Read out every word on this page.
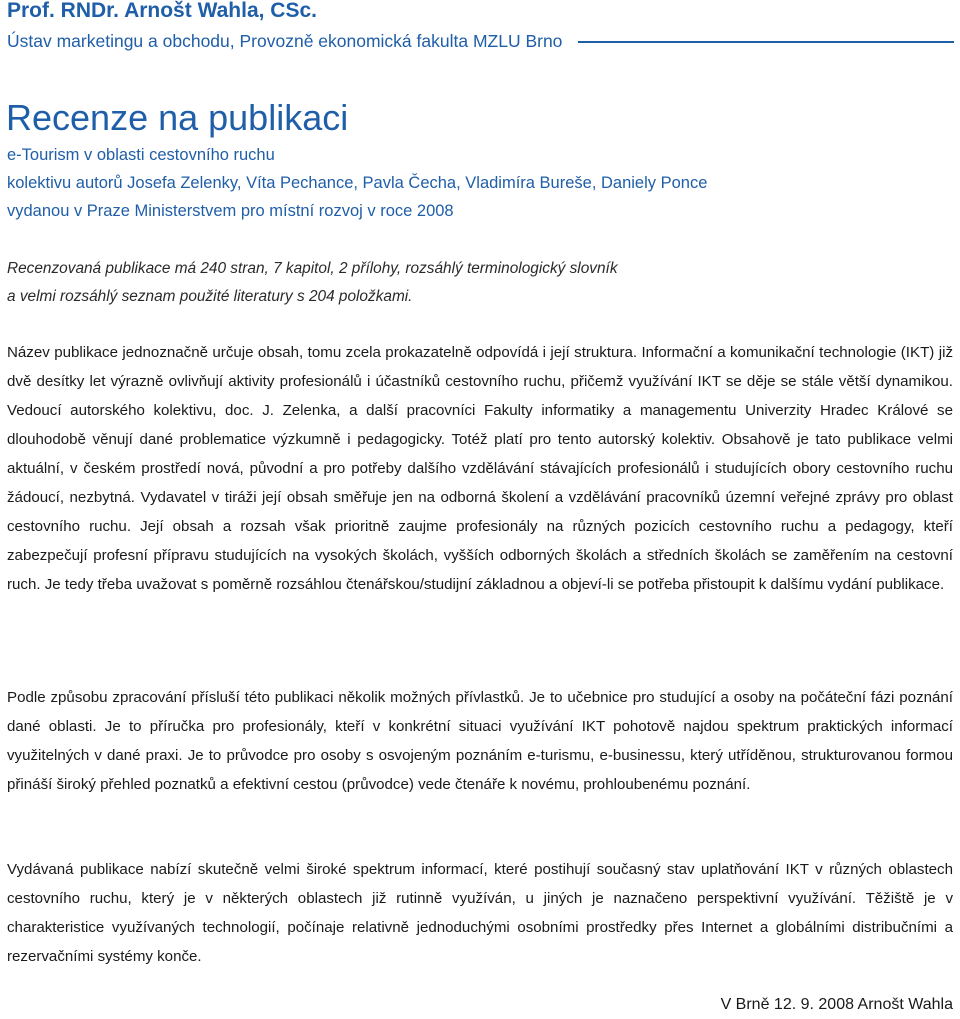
Prof. RNDr. Arnošt Wahla, CSc.
Ústav marketingu a obchodu, Provozně ekonomická fakulta MZLU Brno
Recenze na publikaci
e-Tourism v oblasti cestovního ruchu
kolektivu autorů Josefa Zelenky, Víta Pechance, Pavla Čecha, Vladimíra Bureše, Daniely Ponce
vydanou v Praze Ministerstvem pro místní rozvoj v roce 2008
Recenzovaná publikace má 240 stran, 7 kapitol, 2 přílohy, rozsáhlý terminologický slovník
a velmi rozsáhlý seznam použité literatury s 204 položkami.
Název publikace jednoznačně určuje obsah, tomu zcela prokazatelně odpovídá i její struktura. Informační a komunikační technologie (IKT) již dvě desítky let výrazně ovlivňují aktivity profesionálů i účastníků cestovního ruchu, přičemž využívání IKT se děje se stále větší dynamikou. Vedoucí autorského kolektivu, doc. J. Zelenka, a další pracovníci Fakulty informatiky a managementu Univerzity Hradec Králové se dlouhodobě věnují dané problematice výzkumně i pedagogicky. Totéž platí pro tento autorský kolektiv. Obsahově je tato publikace velmi aktuální, v českém prostředí nová, původní a pro potřeby dalšího vzdělávání stávajících profesionálů i studujících obory cestovního ruchu žádoucí, nezbytná. Vydavatel v tiráži její obsah směřuje jen na odborná školení a vzdělávání pracovníků územní veřejné zprávy pro oblast cestovního ruchu. Její obsah a rozsah však prioritně zaujme profesionály na různých pozicích cestovního ruchu a pedagogy, kteří zabezpečují profesní přípravu studujících na vysokých školách, vyšších odborných školách a středních školách se zaměřením na cestovní ruch. Je tedy třeba uvažovat s poměrně rozsáhlou čtenářskou/studijní základnou a objeví-li se potřeba přistoupit k dalšímu vydání publikace.
Podle způsobu zpracování přísluší této publikaci několik možných přívlastků. Je to učebnice pro studující a osoby na počáteční fázi poznání dané oblasti. Je to příručka pro profesionály, kteří v konkrétní situaci využívání IKT pohotově najdou spektrum praktických informací využitelných v dané praxi. Je to průvodce pro osoby s osvojeným poznáním e-turismu, e-businessu, který utříděnou, strukturovanou formou přináší široký přehled poznatků a efektivní cestou (průvodce) vede čtenáře k novému, prohloubenému poznání.
Vydávaná publikace nabízí skutečně velmi široké spektrum informací, které postihují současný stav uplatňování IKT v různých oblastech cestovního ruchu, který je v některých oblastech již rutinně využíván, u jiných je naznačeno perspektivní využívání. Těžiště je v charakteristice využívaných technologií, počínaje relativně jednoduchými osobními prostředky přes Internet a globálními distribučními a rezervačními systémy konče.
V Brně 12. 9. 2008 Arnošt Wahla
